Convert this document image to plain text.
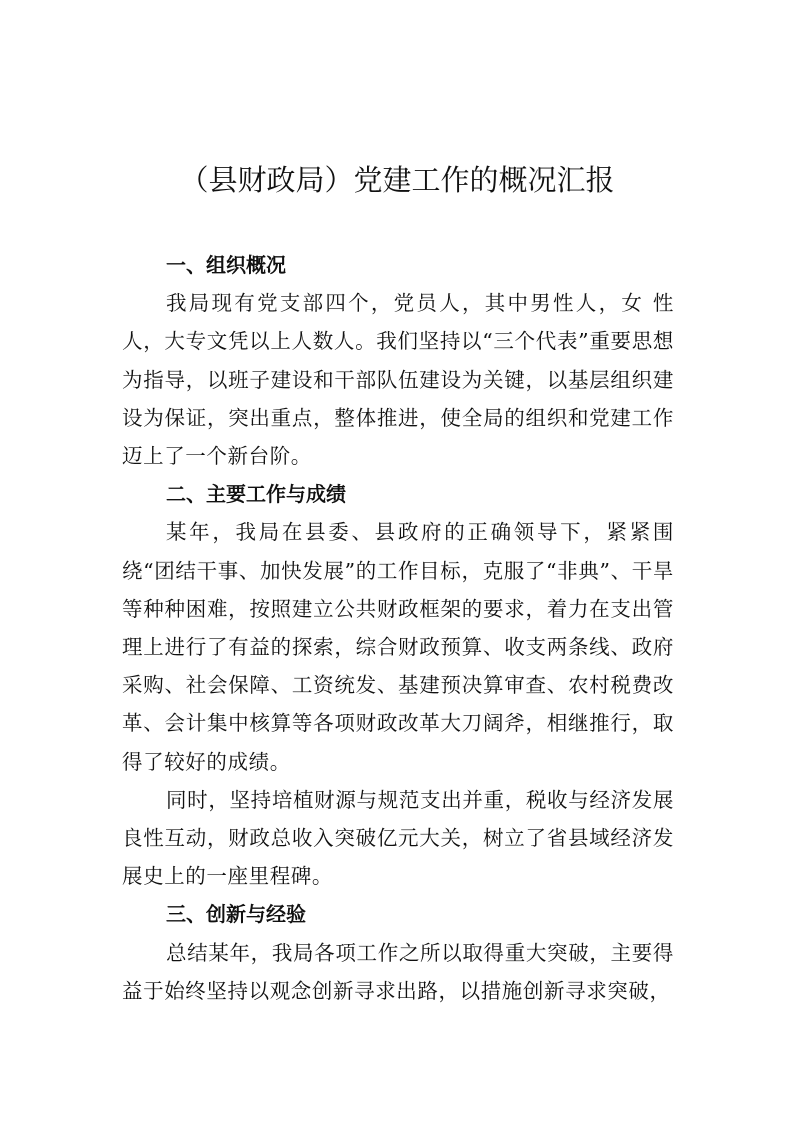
（县财政局）党建工作的概况汇报

一、组织概况

我局现有党支部四个，党员人，其中男性人，女 性人，大专文凭以上人数人。我们坚持以“三个代表”重要思想为指导，以班子建设和干部队伍建设为关键，以基层组织建设为保证，突出重点，整体推进，使全局的组织和党建工作迈上了一个新台阶。

二、主要工作与成绩

某年，我局在县委、县政府的正确领导下，紧紧围绕“团结干事、加快发展”的工作目标，克服了“非典”、干旱等种种困难，按照建立公共财政框架的要求，着力在支出管理上进行了有益的探索，综合财政预算、收支两条线、政府采购、社会保障、工资统发、基建预决算审查、农村税费改革、会计集中核算等各项财政改革大刀阔斧，相继推行，取得了较好的成绩。

同时，坚持培植财源与规范支出并重，税收与经济发展良性互动，财政总收入突破亿元大关，树立了省县域经济发展史上的一座里程碑。

三、创新与经验

总结某年，我局各项工作之所以取得重大突破，主要得益于始终坚持以观念创新寻求出路，以措施创新寻求突破，
